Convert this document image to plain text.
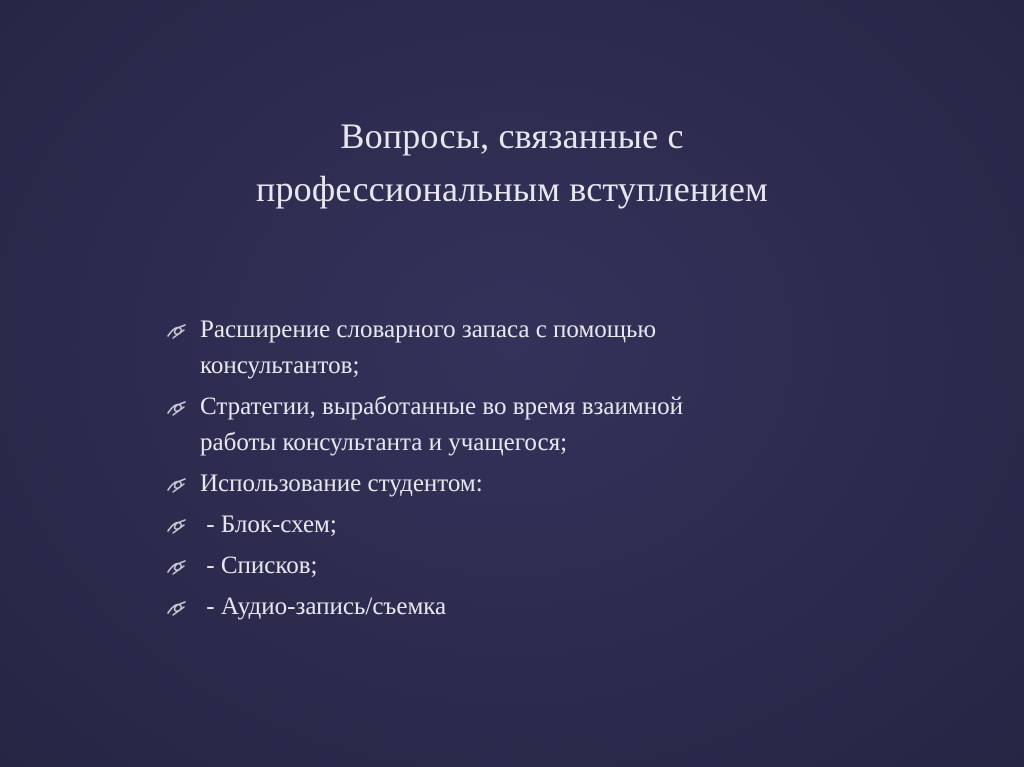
Вопросы, связанные с
профессиональным вступлением
Расширение словарного запаса с помощью
консультантов;
Стратегии, выработанные во время взаимной
работы консультанта и учащегося;
Использование студентом:
- Блок-схем;
- Списков;
- Аудио-запись/съемка
